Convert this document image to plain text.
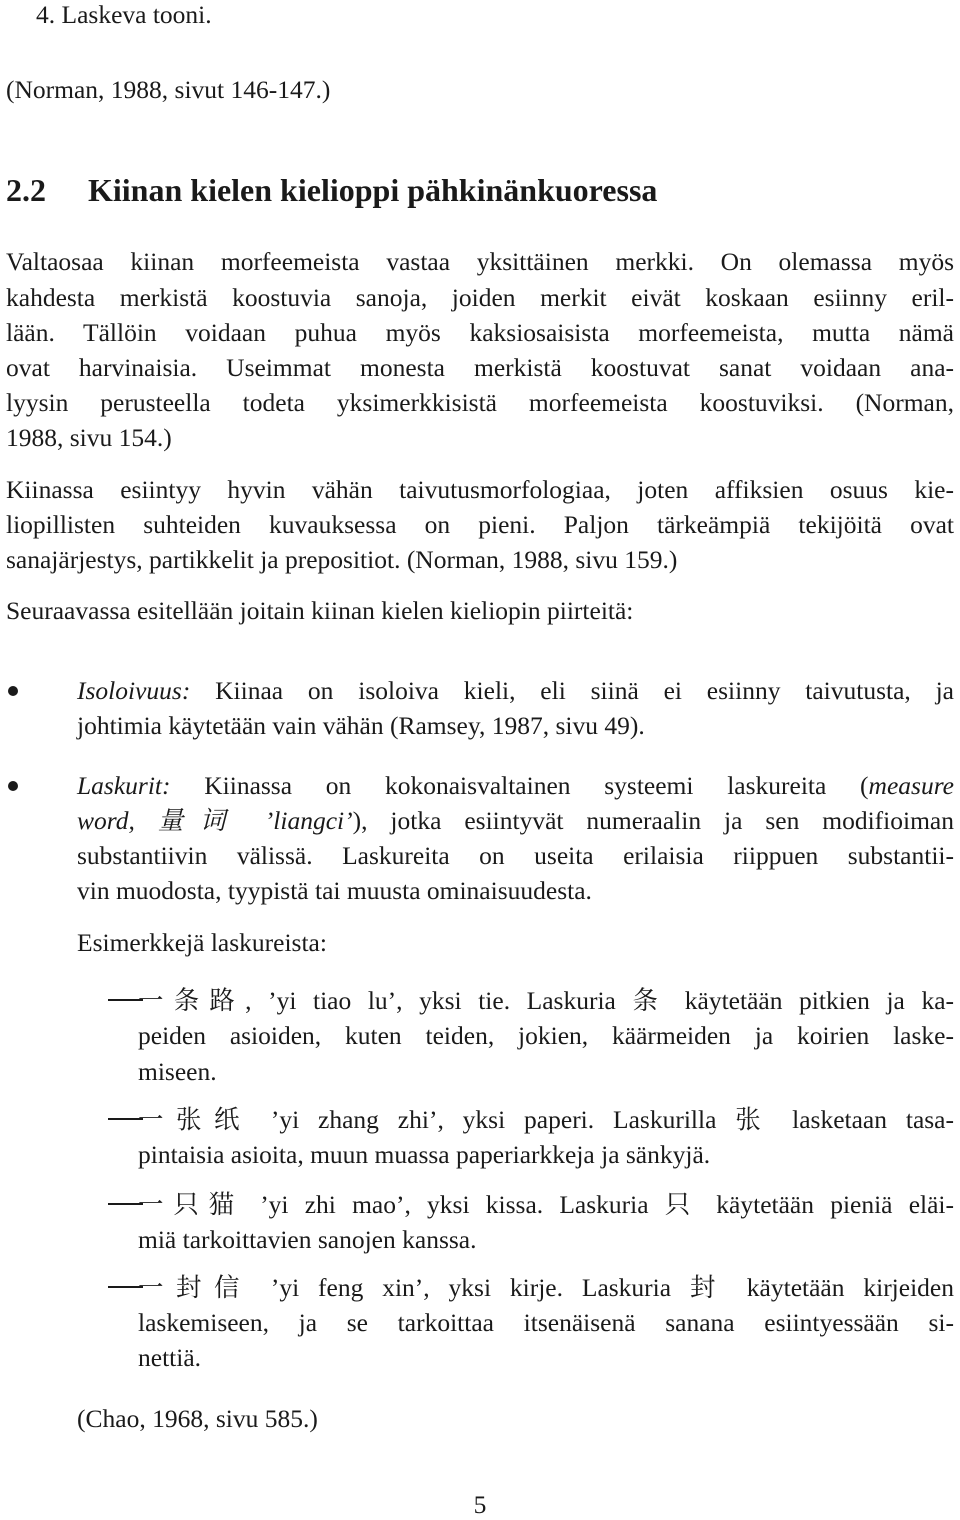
4. Laskeva tooni.
(Norman, 1988, sivut 146-147.)
2.2 Kiinan kielen kielioppi pähkinänkuoressa
Valtaosaa kiinan morfeemeista vastaa yksittäinen merkki. On olemassa myös
kahdesta merkistä koostuvia sanoja, joiden merkit eivät koskaan esiinny eril-
lään. Tällöin voidaan puhua myös kaksiosaisista morfeemeista, mutta nämä
ovat harvinaisia. Useimmat monesta merkistä koostuvat sanat voidaan ana-
lyysin perusteella todeta yksimerkkisistä morfeemeista koostuviksi. (Norman,
1988, sivu 154.)
Kiinassa esiintyy hyvin vähän taivutusmorfologiaa, joten affiksien osuus kie-
liopillisten suhteiden kuvauksessa on pieni. Paljon tärkeämpiä tekijöitä ovat
sanajärjestys, partikkelit ja prepositiot. (Norman, 1988, sivu 159.)
Seuraavassa esitellään joitain kiinan kielen kieliopin piirteitä:
Isoloivuus: Kiinaa on isoloiva kieli, eli siinä ei esiinny taivutusta, ja
johtimia käytetään vain vähän (Ramsey, 1987, sivu 49).
Laskurit: Kiinassa on kokonaisvaltainen systeemi laskureita (measure
word, 量词 ’liangci’), jotka esiintyvät numeraalin ja sen modifioiman
substantiivin välissä. Laskureita on useita erilaisia riippuen substantii-
vin muodosta, tyypistä tai muusta ominaisuudesta.
Esimerkkejä laskureista:
一条路, ’yi tiao lu’, yksi tie. Laskuria 条 käytetään pitkien ja ka-
peiden asioiden, kuten teiden, jokien, käärmeiden ja koirien laske-
miseen.
一张纸 ’yi zhang zhi’, yksi paperi. Laskurilla 张 lasketaan tasa-
pintaisia asioita, muun muassa paperiarkkeja ja sänkyjä.
一只猫 ’yi zhi mao’, yksi kissa. Laskuria 只 käytetään pieniä eläi-
miä tarkoittavien sanojen kanssa.
一封信 ’yi feng xin’, yksi kirje. Laskuria 封 käytetään kirjeiden
laskemiseen, ja se tarkoittaa itsenäisenä sanana esiintyessään si-
nettiä.
(Chao, 1968, sivu 585.)
5
